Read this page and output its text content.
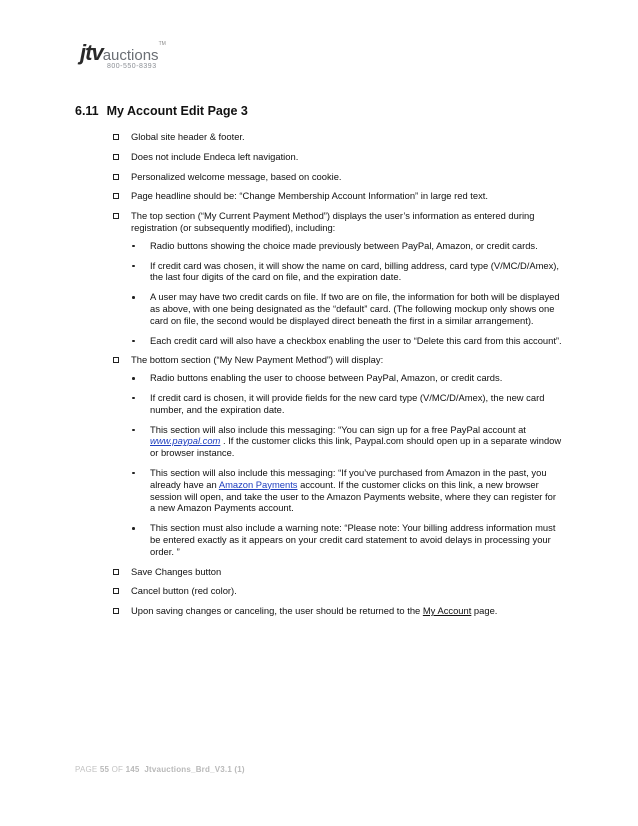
jtvauctions™
800-550-8393
6.11 My Account Edit Page 3
Global site header & footer.
Does not include Endeca left navigation.
Personalized welcome message, based on cookie.
Page headline should be: “Change Membership Account Information” in large red text.
The top section (“My Current Payment Method”) displays the user’s information as entered during registration (or subsequently modified), including:
Radio buttons showing the choice made previously between PayPal, Amazon, or credit cards.
If credit card was chosen, it will show the name on card, billing address, card type (V/MC/D/Amex), the last four digits of the card on file, and the expiration date.
A user may have two credit cards on file. If two are on file, the information for both will be displayed as above, with one being designated as the “default” card. (The following mockup only shows one card on file, the second would be displayed direct beneath the first in a similar arrangement).
Each credit card will also have a checkbox enabling the user to “Delete this card from this account”.
The bottom section (“My New Payment Method”) will display:
Radio buttons enabling the user to choose between PayPal, Amazon, or credit cards.
If credit card is chosen, it will provide fields for the new card type (V/MC/D/Amex), the new card number, and the expiration date.
This section will also include this messaging: “You can sign up for a free PayPal account at www.paypal.com . If the customer clicks this link, Paypal.com should open up in a separate window or browser instance.
This section will also include this messaging: “If you’ve purchased from Amazon in the past, you already have an Amazon Payments account. If the customer clicks on this link, a new browser session will open, and take the user to the Amazon Payments website, where they can register for a new Amazon Payments account.
This section must also include a warning note: “Please note: Your billing address information must be entered exactly as it appears on your credit card statement to avoid delays in processing your order. ”
Save Changes button
Cancel button (red color).
Upon saving changes or canceling, the user should be returned to the My Account page.
PAGE 55 OF 145 Jtvauctions_Brd_V3.1 (1)
